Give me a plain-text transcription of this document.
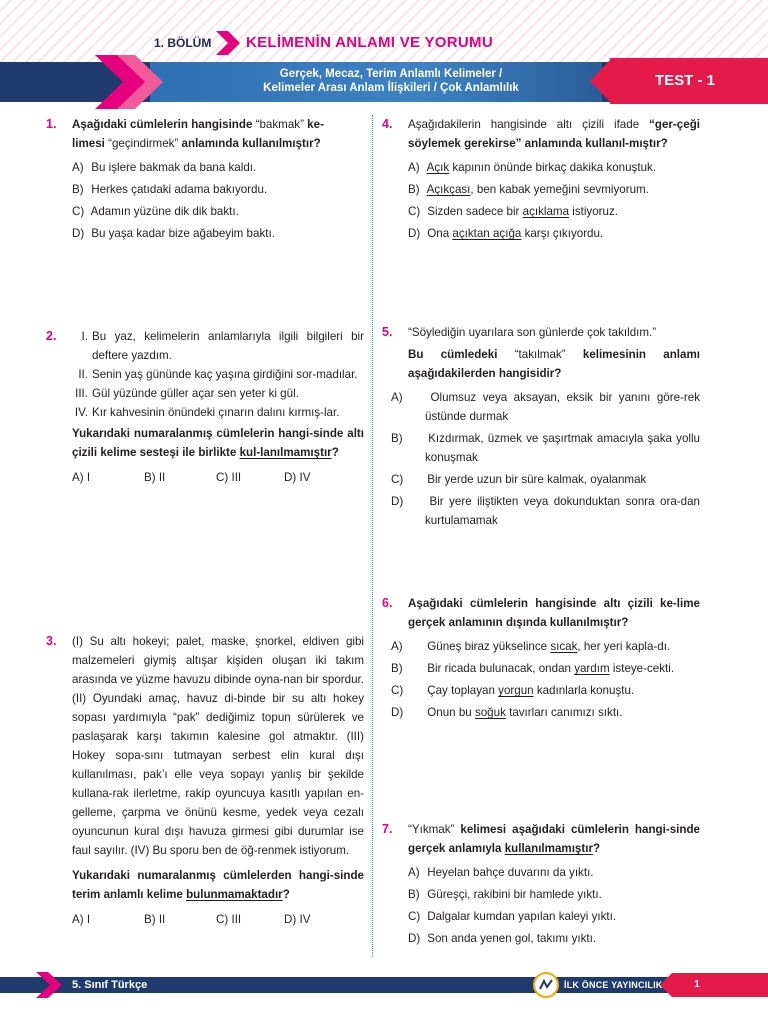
1. BÖLÜM KELİMENİN ANLAMI VE YORUMU
Gerçek, Mecaz, Terim Anlamlı Kelimeler /
Kelimeler Arası Anlam İlişkileri / Çok Anlamlılık	TEST - 1
1. Aşağıdaki cümlelerin hangisinde “bakmak” ke-
limesi “geçindirmek” anlamında kullanılmıştır?
A) Bu işlere bakmak da bana kaldı.
B) Herkes çatıdaki adama bakıyordu.
C) Adamın yüzüne dik dik baktı.
D) Bu yaşa kadar bize ağabeyim baktı.
2.	I. Bu yaz, kelimelerin anlamlarıyla ilgili bilgileri bir deftere yazdım.
II. Senin yaş gününde kaç yaşına girdiğini sor-madılar.
III. Gül yüzünde güller açar sen yeter ki gül.
IV. Kır kahvesinin önündeki çınarın dalını kırmış-lar.
Yukarıdaki numaralanmış cümlelerin hangi-sinde altı çizili kelime sesteşi ile birlikte kul-lanılmamıştır?
A) I	B) II	C) III	D) IV
3. (I) Su altı hokeyi; palet, maske, şnorkel, eldiven gibi malzemeleri giymiş altışar kişiden oluşan iki takım arasında ve yüzme havuzu dibinde oyna-nan bir spordur. (II) Oyundaki amaç, havuz di-binde bir su altı hokey sopası yardımıyla “pak” dediğimiz topun sürülerek ve paslaşarak karşı takımın kalesine gol atmaktır. (III) Hokey sopa-sını tutmayan serbest elin kural dışı kullanılması, pak’ı elle veya sopayı yanlış bir şekilde kullana-rak ilerletme, rakip oyuncuya kasıtlı yapılan en-gelleme, çarpma ve önünü kesme, yedek veya cezalı oyuncunun kural dışı havuza girmesi gibi durumlar ise faul sayılır. (IV) Bu sporu ben de öğ-renmek istiyorum.
Yukarıdaki numaralanmış cümlelerden hangi-sinde terim anlamlı kelime bulunmamaktadır?
A) I	B) II	C) III	D) IV
4. Aşağıdakilerin hangisinde altı çizili ifade “ger-çeği söylemek gerekirse” anlamında kullanıl-mıştır?
A) Açık kapının önünde birkaç dakika konuştuk.
B) Açıkçası, ben kabak yemeğini sevmiyorum.
C) Sizden sadece bir açıklama istiyoruz.
D) Ona açıktan açığa karşı çıkıyordu.
5. “Söylediğin uyarılara son günlerde çok takıldım.”
Bu cümledeki “takılmak” kelimesinin anlamı aşağıdakilerden hangisidir?
A) Olumsuz veya aksayan, eksik bir yanını göre-rek üstünde durmak
B) Kızdırmak, üzmek ve şaşırtmak amacıyla şaka yollu konuşmak
C) Bir yerde uzun bir süre kalmak, oyalanmak
D) Bir yere iliştikten veya dokunduktan sonra ora-dan kurtulamamak
6. Aşağıdaki cümlelerin hangisinde altı çizili ke-lime gerçek anlamının dışında kullanılmıştır?
A) Güneş biraz yükselince sıcak, her yeri kapla-dı.
B) Bir ricada bulunacak, ondan yardım isteye-cekti.
C) Çay toplayan yorgun kadınlarla konuştu.
D) Onun bu soğuk tavırları canımızı sıktı.
7. “Yıkmak” kelimesi aşağıdaki cümlelerin hangi-sinde gerçek anlamıyla kullanılmamıştır?
A) Heyelan bahçe duvarını da yıktı.
B) Güreşçi, rakibini bir hamlede yıktı.
C) Dalgalar kumdan yapılan kaleyi yıktı.
D) Son anda yenen gol, takımı yıktı.
5. Sınıf Türkçe	İLK ÖNCE YAYINCILIK	1
